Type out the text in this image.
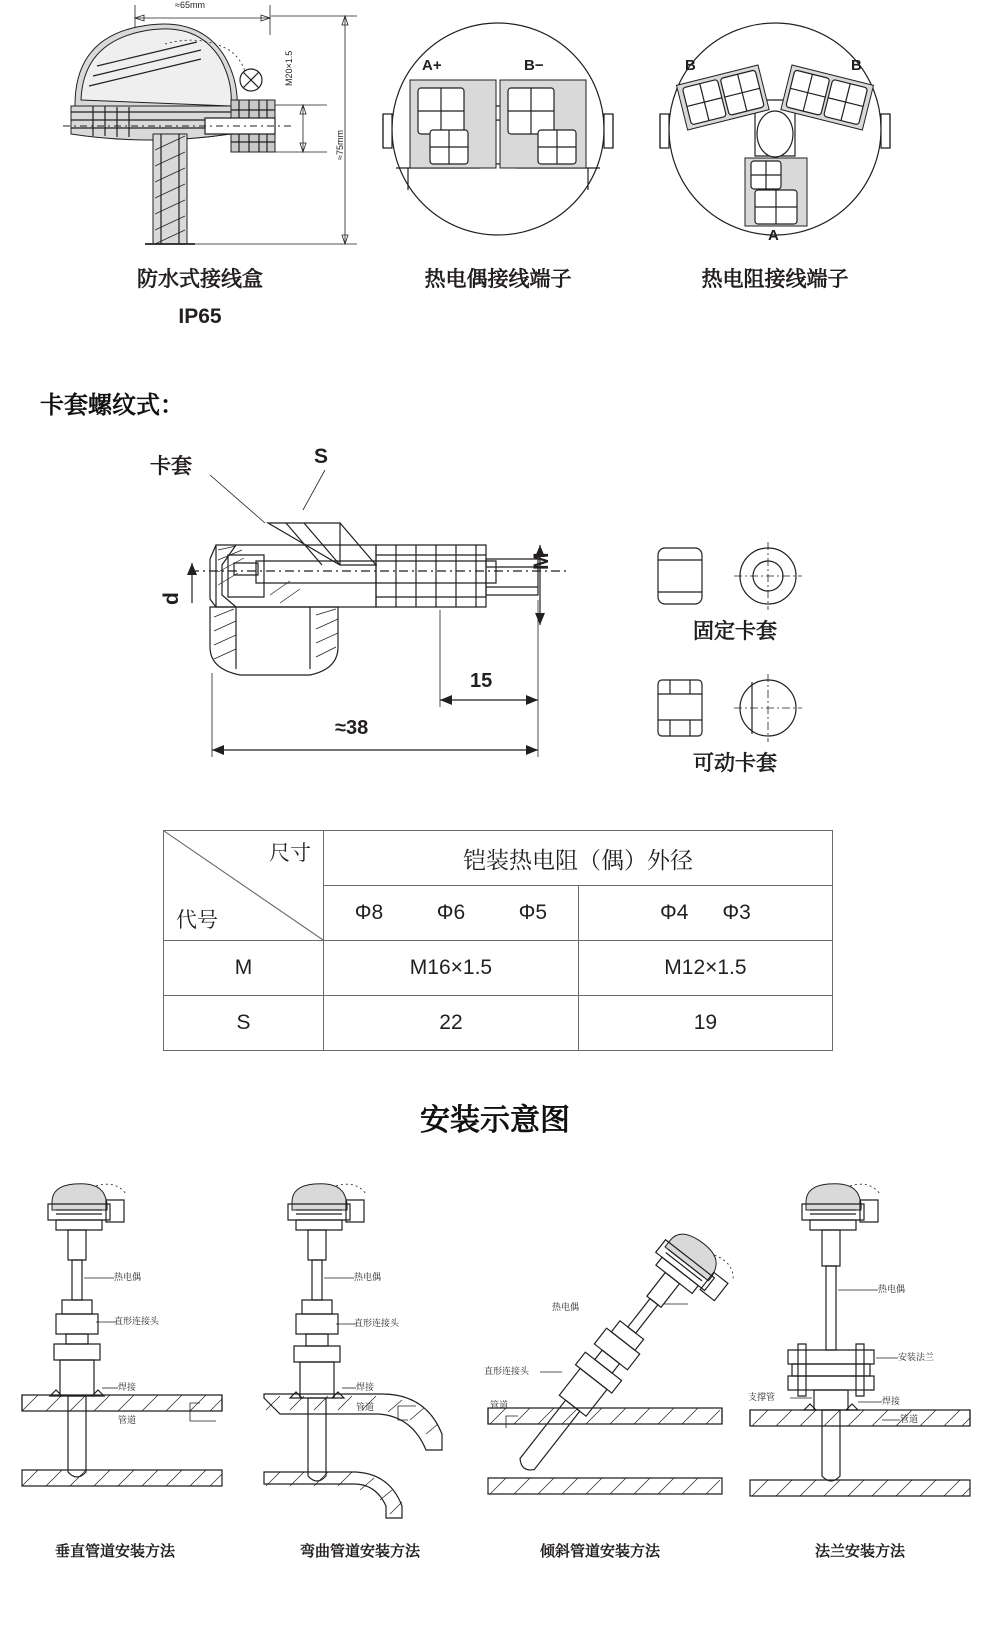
≈65mm
M20×1.5
≈75mm
防水式接线盒
IP65
A+	B−
热电偶接线端子
B	B
A
热电阻接线端子
卡套螺纹式：
卡套	S
M
d
15
≈38
固定卡套
可动卡套
尺寸
代号	铠装热电阻（偶）外径	

	Φ8 Φ6 Φ5	Φ4 Φ3

M	M16×1.5	M12×1.5
S	22	19
安装示意图
热电偶
直形连接头
焊接
管道
垂直管道安装方法
热电偶
直形连接头
焊接
管道
弯曲管道安装方法
热电偶
直形连接头
管道
倾斜管道安装方法
热电偶
安装法兰
焊接
支撑管
管道
法兰安装方法
